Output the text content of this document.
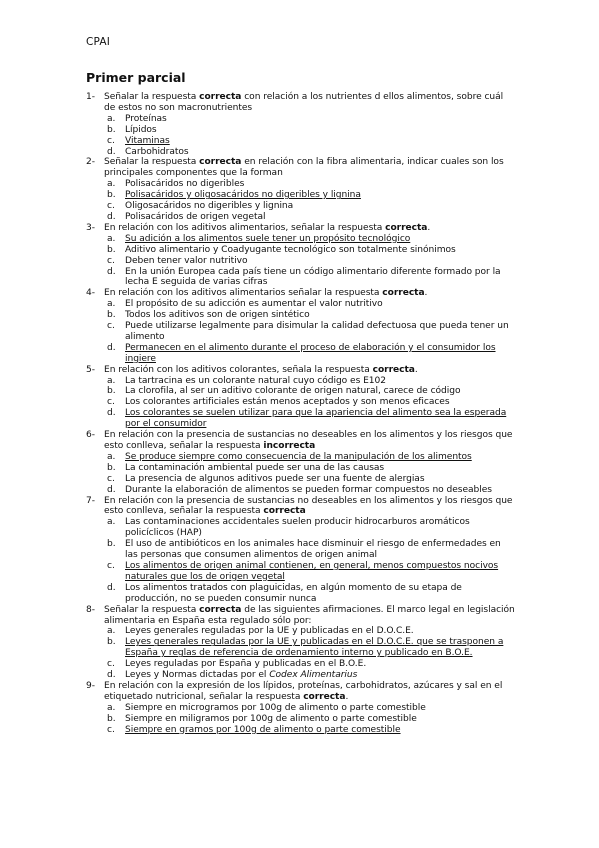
CPAI
Primer parcial
1- Señalar la respuesta correcta con relación a los nutrientes d ellos alimentos, sobre cuál de estos no son macronutrientes
a. Proteínas
b. Lípidos
c. Vitaminas
d. Carbohidratos
2- Señalar la respuesta correcta en relación con la fibra alimentaria, indicar cuales son los principales componentes que la forman
a. Polisacáridos no digeribles
b. Polisacáridos y oligosacáridos no digeribles y lignina
c. Oligosacáridos no digeribles y lignina
d. Polisacáridos de origen vegetal
3- En relación con los aditivos alimentarios, señalar la respuesta correcta.
a. Su adición a los alimentos suele tener un propósito tecnológico
b. Aditivo alimentario y Coadyugante tecnológico son totalmente sinónimos
c. Deben tener valor nutritivo
d. En la unión Europea cada país tiene un código alimentario diferente formado por la lecha E seguida de varias cifras
4- En relación con los aditivos alimentarios señalar la respuesta correcta.
a. El propósito de su adicción es aumentar el valor nutritivo
b. Todos los aditivos son de origen sintético
c. Puede utilizarse legalmente para disimular la calidad defectuosa que pueda tener un alimento
d. Permanecen en el alimento durante el proceso de elaboración y el consumidor los ingiere
5- En relación con los aditivos colorantes, señala la respuesta correcta.
a. La tartracina es un colorante natural cuyo código es E102
b. La clorofila, al ser un aditivo colorante de origen natural, carece de código
c. Los colorantes artificiales están menos aceptados y son menos eficaces
d. Los colorantes se suelen utilizar para que la apariencia del alimento sea la esperada por el consumidor
6- En relación con la presencia de sustancias no deseables en los alimentos y los riesgos que esto conlleva, señalar la respuesta incorrecta
a. Se produce siempre como consecuencia de la manipulación de los alimentos
b. La contaminación ambiental puede ser una de las causas
c. La presencia de algunos aditivos puede ser una fuente de alergias
d. Durante la elaboración de alimentos se pueden formar compuestos no deseables
7- En relación con la presencia de sustancias no deseables en los alimentos y los riesgos que esto conlleva, señalar la respuesta correcta
a. Las contaminaciones accidentales suelen producir hidrocarburos aromáticos policíclicos (HAP)
b. El uso de antibióticos en los animales hace disminuir el riesgo de enfermedades en las personas que consumen alimentos de origen animal
c. Los alimentos de origen animal contienen, en general, menos compuestos nocivos naturales que los de origen vegetal
d. Los alimentos tratados con plaguicidas, en algún momento de su etapa de producción, no se pueden consumir nunca
8- Señalar la respuesta correcta de las siguientes afirmaciones. El marco legal en legislación alimentaria en España esta regulado sólo por:
a. Leyes generales reguladas por la UE y publicadas en el D.O.C.E.
b. Leyes generales reguladas por la UE y publicadas en el D.O.C.E. que se trasponen a España y reglas de referencia de ordenamiento interno y publicado en B.O.E.
c. Leyes reguladas por España y publicadas en el B.O.E.
d. Leyes y Normas dictadas por el Codex Alimentarius
9- En relación con la expresión de los lípidos, proteínas, carbohidratos, azúcares y sal en el etiquetado nutricional, señalar la respuesta correcta.
a. Siempre en microgramos por 100g de alimento o parte comestible
b. Siempre en miligramos por 100g de alimento o parte comestible
c. Siempre en gramos por 100g de alimento o parte comestible
